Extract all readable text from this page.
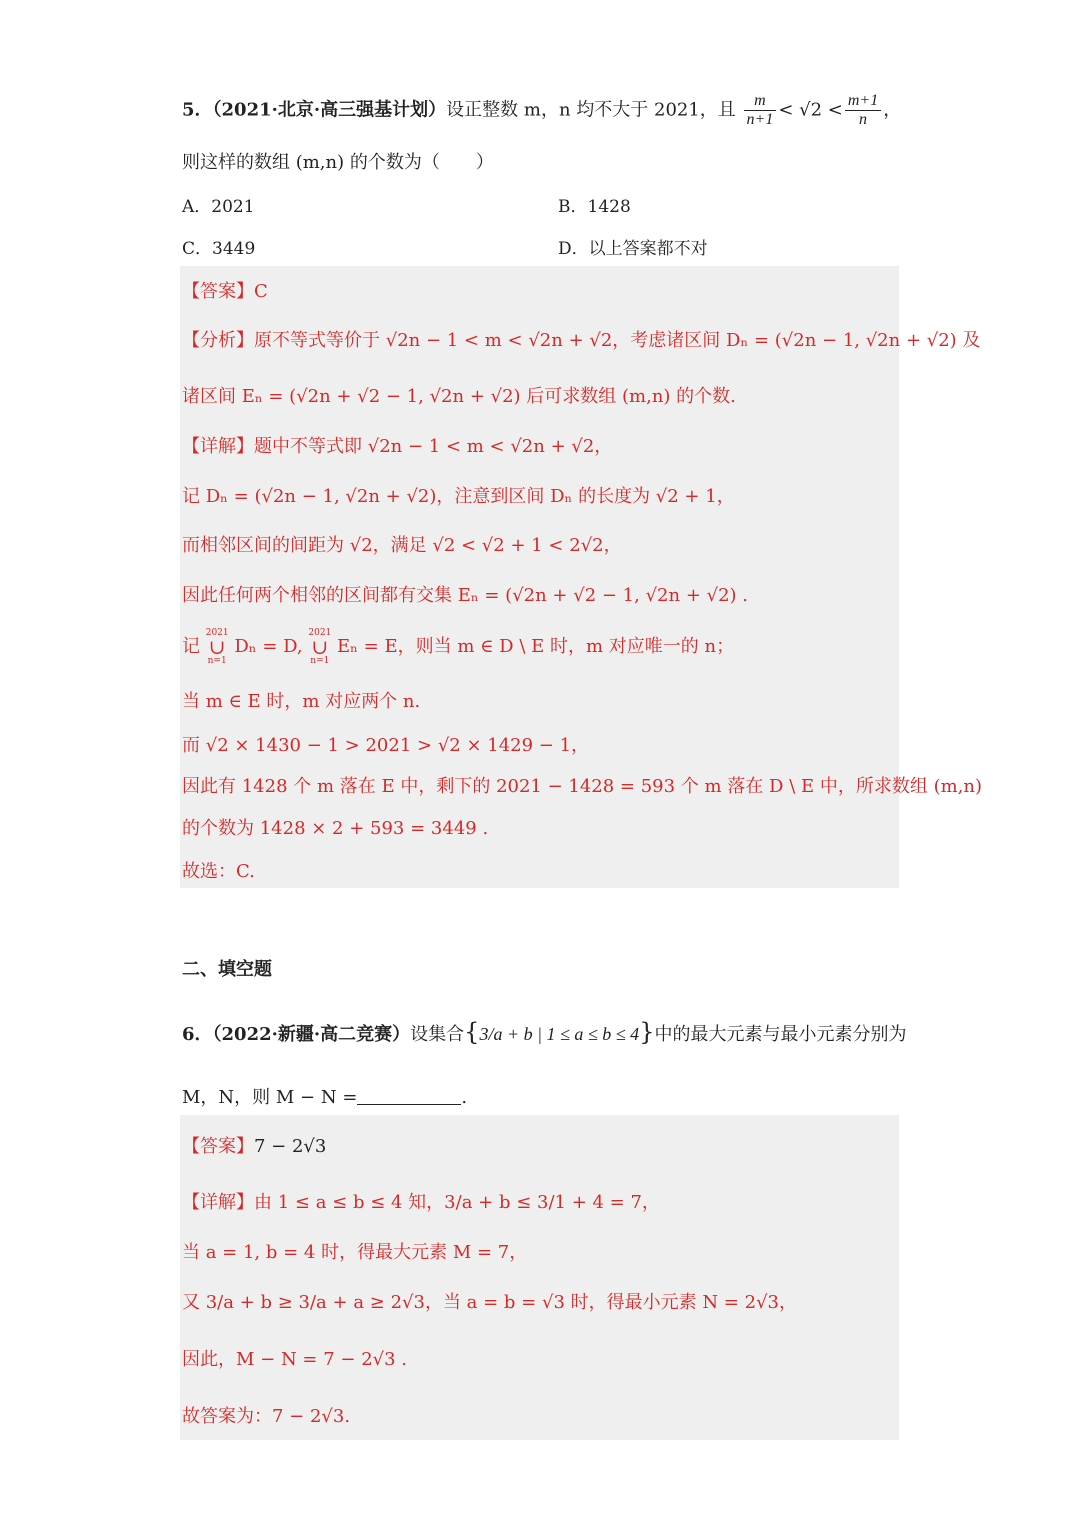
5．（2021·北京·高三强基计划）设正整数 m，n 均不大于 2021，且 $\frac{m}{n+1} < √2 < \frac{m+1}{n}$ ，
则这样的数组 (m,n) 的个数为（　　）
A．2021	B．1428
C．3449	D．以上答案都不对
【答案】C
【分析】原不等式等价于 √2n − 1 < m < √2n + √2，考虑诸区间 Dₙ = (√2n − 1, √2n + √2) 及
诸区间 Eₙ = (√2n + √2 − 1, √2n + √2) 后可求数组 (m,n) 的个数.
【详解】题中不等式即 √2n − 1 < m < √2n + √2，
记 Dₙ = (√2n − 1, √2n + √2)，注意到区间 Dₙ 的长度为 √2 + 1，
而相邻区间的间距为 √2，满足 √2 < √2 + 1 < 2√2，
因此任何两个相邻的区间都有交集 Eₙ = (√2n + √2 − 1, √2n + √2) .
记 2021
∪
n=1 Dₙ = D, 2021
∪
n=1 Eₙ = E，则当 m ∈ D \ E 时，m 对应唯一的 n；
当 m ∈ E 时，m 对应两个 n.
而 √2 × 1430 − 1 > 2021 > √2 × 1429 − 1，
因此有 1428 个 m 落在 E 中，剩下的 2021 − 1428 = 593 个 m 落在 D \ E 中，所求数组 (m,n)
的个数为 1428 × 2 + 593 = 3449 .
故选：C.
二、填空题
6．（2022·新疆·高二竞赛）设集合{3/a + b | 1 ≤ a ≤ b ≤ 4}中的最大元素与最小元素分别为
M，N，则 M − N =	.
【答案】7 − 2√3
【详解】由 1 ≤ a ≤ b ≤ 4 知，3/a + b ≤ 3/1 + 4 = 7，
当 a = 1, b = 4 时，得最大元素 M = 7，
又 3/a + b ≥ 3/a + a ≥ 2√3，当 a = b = √3 时，得最小元素 N = 2√3，
因此，M − N = 7 − 2√3 .
故答案为：7 − 2√3.
